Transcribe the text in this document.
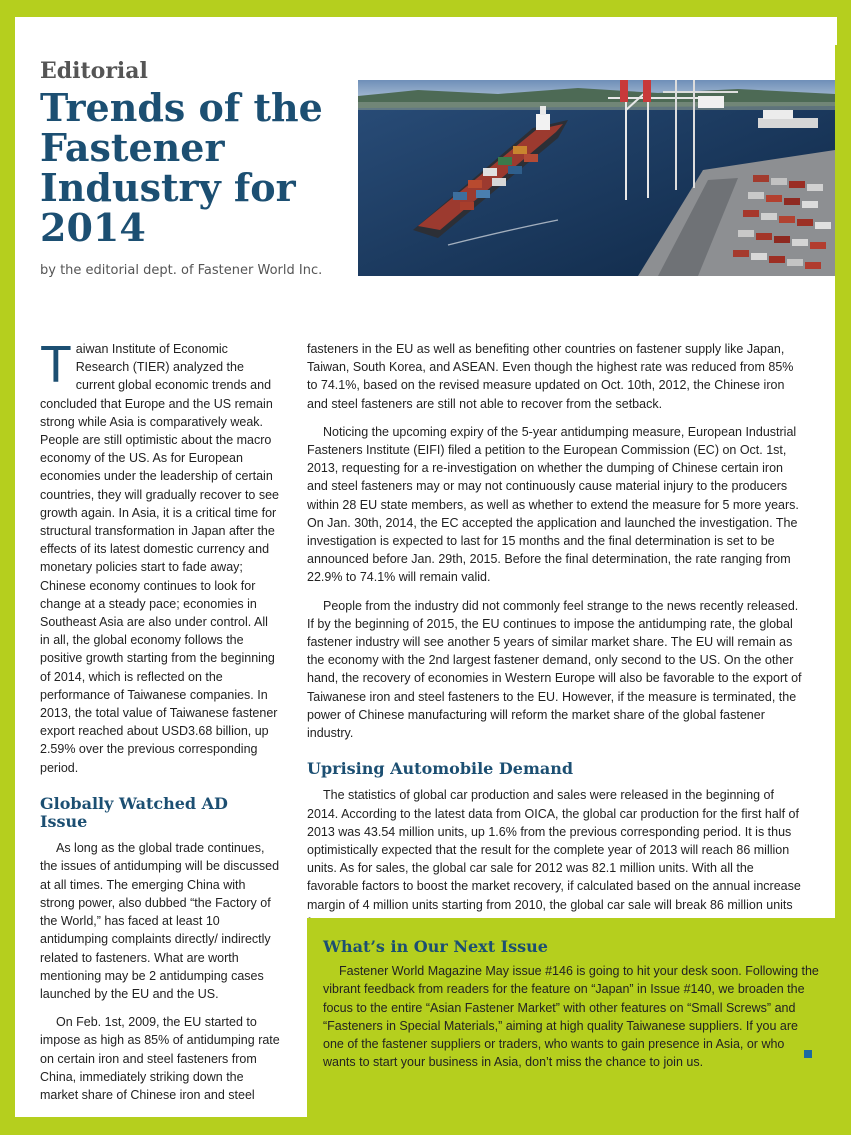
Editorial
Trends of the Fastener Industry for 2014
by the editorial dept. of Fastener World Inc.

Taiwan Institute of Economic Research (TIER) analyzed the current global economic trends and concluded that Europe and the US remain strong while Asia is comparatively weak. People are still optimistic about the macro economy of the US. As for European economies under the leadership of certain countries, they will gradually recover to see growth again. In Asia, it is a critical time for structural transformation in Japan after the effects of its latest domestic currency and monetary policies start to fade away; Chinese economy continues to look for change at a steady pace; economies in Southeast Asia are also under control. All in all, the global economy follows the positive growth starting from the beginning of 2014, which is reflected on the performance of Taiwanese companies. In 2013, the total value of Taiwanese fastener export reached about USD3.68 billion, up 2.59% over the previous corresponding period.

Globally Watched AD Issue

As long as the global trade continues, the issues of antidumping will be discussed at all times. The emerging China with strong power, also dubbed “the Factory of the World,” has faced at least 10 antidumping complaints directly/ indirectly related to fasteners. What are worth mentioning may be 2 antidumping cases launched by the EU and the US.

On Feb. 1st, 2009, the EU started to impose as high as 85% of antidumping rate on certain iron and steel fasteners from China, immediately striking down the market share of Chinese iron and steel

fasteners in the EU as well as benefiting other countries on fastener supply like Japan, Taiwan, South Korea, and ASEAN. Even though the highest rate was reduced from 85% to 74.1%, based on the revised measure updated on Oct. 10th, 2012, the Chinese iron and steel fasteners are still not able to recover from the setback.

Noticing the upcoming expiry of the 5-year antidumping measure, European Industrial Fasteners Institute (EIFI) filed a petition to the European Commission (EC) on Oct. 1st, 2013, requesting for a re-investigation on whether the dumping of Chinese certain iron and steel fasteners may or may not continuously cause material injury to the producers within 28 EU state members, as well as whether to extend the measure for 5 more years. On Jan. 30th, 2014, the EC accepted the application and launched the investigation. The investigation is expected to last for 15 months and the final determination is set to be announced before Jan. 29th, 2015. Before the final determination, the rate ranging from 22.9% to 74.1% will remain valid.

People from the industry did not commonly feel strange to the news recently released. If by the beginning of 2015, the EU continues to impose the antidumping rate, the global fastener industry will see another 5 years of similar market share. The EU will remain as the economy with the 2nd largest fastener demand, only second to the US. On the other hand, the recovery of economies in Western Europe will also be favorable to the export of Taiwanese iron and steel fasteners to the EU. However, if the measure is terminated, the power of Chinese manufacturing will reform the market share of the global fastener industry.

Uprising Automobile Demand

The statistics of global car production and sales were released in the beginning of 2014. According to the latest data from OICA, the global car production for the first half of 2013 was 43.54 million units, up 1.6% from the previous corresponding period. It is thus optimistically expected that the result for the complete year of 2013 will reach 86 million units. As for sales, the global car sale for 2012 was 82.1 million units. With all the favorable factors to boost the market recovery, if calculated based on the annual increase margin of 4 million units starting from 2010, the global car sale will break 86 million units

What’s in Our Next Issue

Fastener World Magazine May issue #146 is going to hit your desk soon. Following the vibrant feedback from readers for the feature on “Japan” in Issue #140, we broaden the focus to the entire “Asian Fastener Market” with other features on “Small Screws” and “Fasteners in Special Materials,” aiming at high quality Taiwanese suppliers. If you are one of the fastener suppliers or traders, who wants to gain presence in Asia, or who wants to start your business in Asia, don’t miss the chance to join us.
